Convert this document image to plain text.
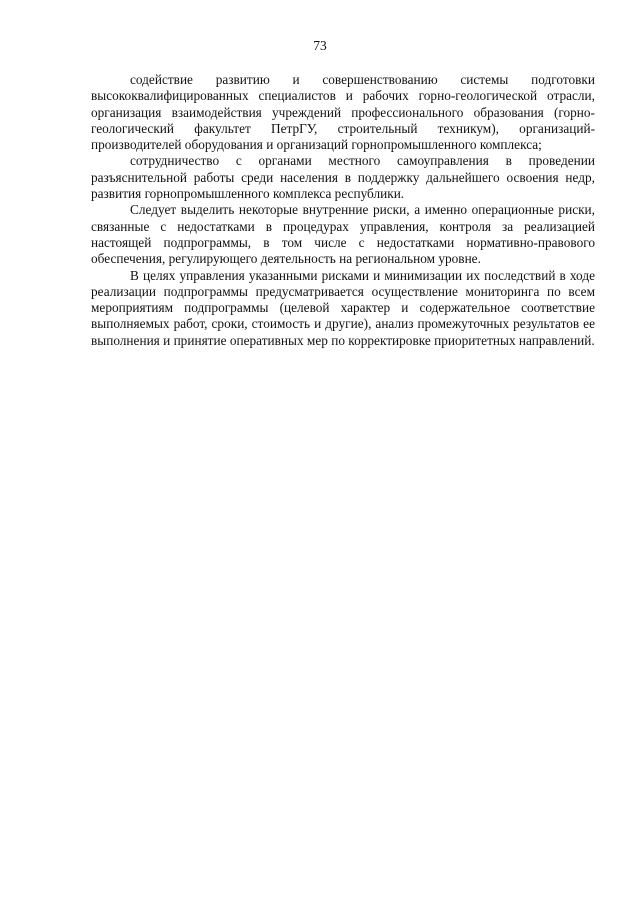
73

содействие развитию и совершенствованию системы подготовки высококвалифицированных специалистов и рабочих горно-геологической отрасли, организация взаимодействия учреждений профессионального образования (горно-геологический факультет ПетрГУ, строительный техникум), организаций-производителей оборудования и организаций горнопромышленного комплекса;

сотрудничество с органами местного самоуправления в проведении разъяснительной работы среди населения в поддержку дальнейшего освоения недр, развития горнопромышленного комплекса республики.

Следует выделить некоторые внутренние риски, а именно операционные риски, связанные с недостатками в процедурах управления, контроля за реализацией настоящей подпрограммы, в том числе с недостатками нормативно-правового обеспечения, регулирующего деятельность на региональном уровне.

В целях управления указанными рисками и минимизации их последствий в ходе реализации подпрограммы предусматривается осуществление мониторинга по всем мероприятиям подпрограммы (целевой характер и содержательное соответствие выполняемых работ, сроки, стоимость и другие), анализ промежуточных результатов ее выполнения и принятие оперативных мер по корректировке приоритетных направлений.
